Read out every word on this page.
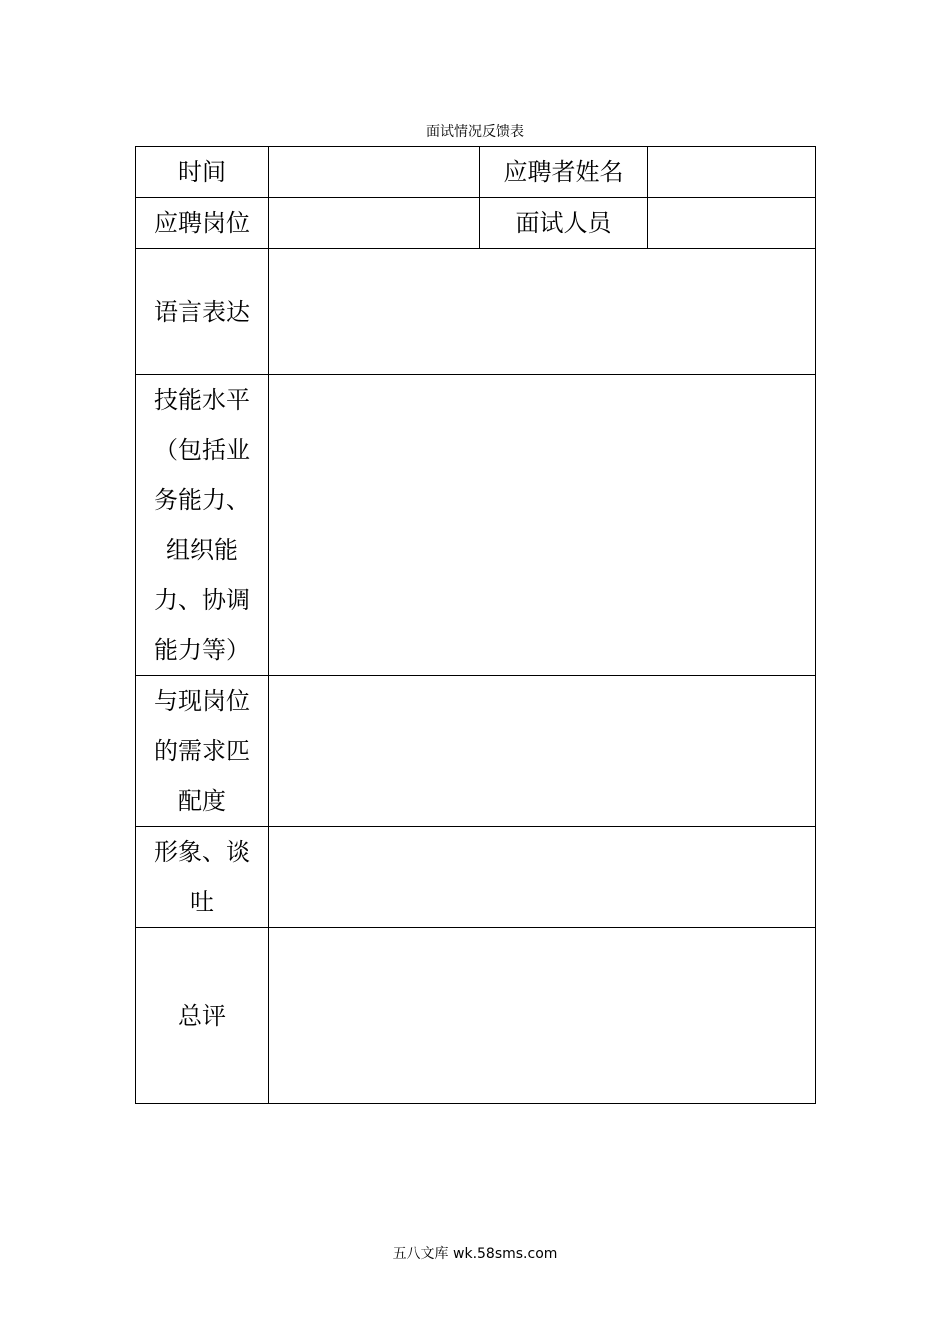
面试情况反馈表
时间		应聘者姓名	
应聘岗位		面试人员	
语言表达			
技能水平（包括业务能力、组织能力、协调能力等）			
与现岗位的需求匹配度			
形象、谈吐			
总评			
五八文库 wk.58sms.com
